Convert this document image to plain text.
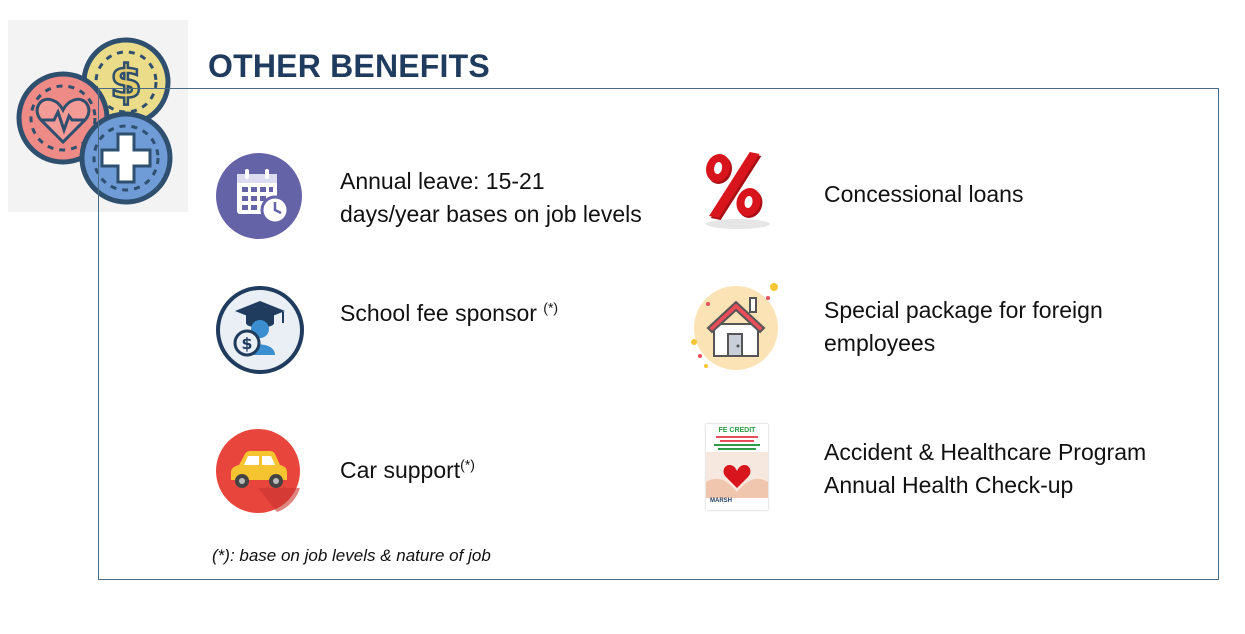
$ OTHER BENEFITS
Annual leave: 15-21
days/year bases on job levels
$
School fee sponsor (*)
Car support(*)
Concessional loans
Special package for foreign
employees
FE CREDIT
MARSH
Accident & Healthcare Program
Annual Health Check-up
(*): base on job levels & nature of job
